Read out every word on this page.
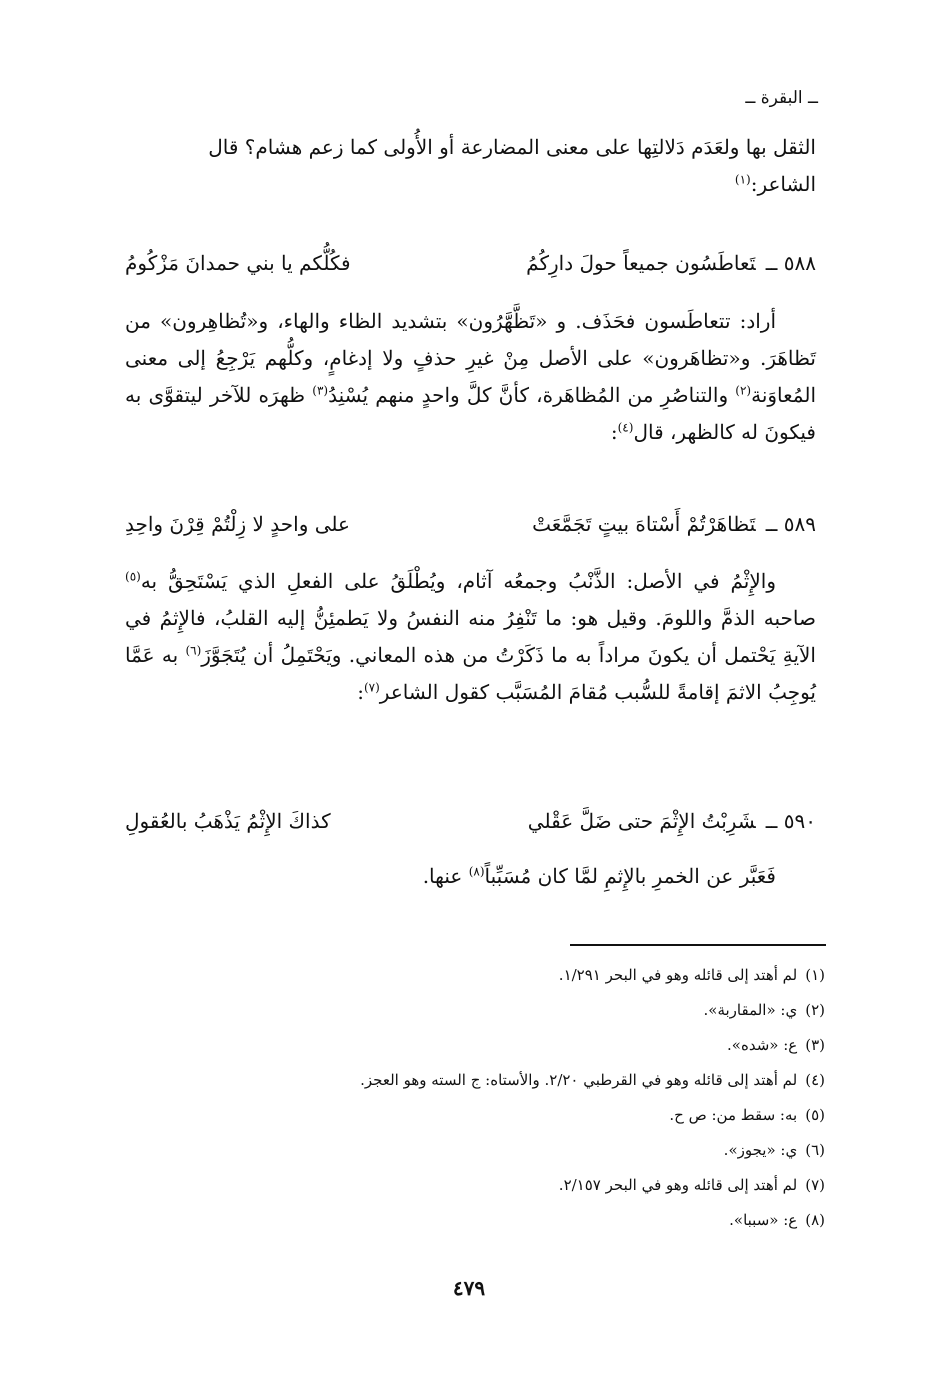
ــ البقرة ــ

الثقل بها ولعَدَم دَلالتِها على معنى المضارعة أو الأُولى كما زعم هشام؟ قال

الشاعر:$^{(١)}$

٥٨٨ ــتَعاطَسُون جميعاً حولَ دارِكُمُ
فكُلُّكم يا بني حمدانَ مَزْكُومُ

أراد: تتعاطَسون فحَذَف. و «تَظَّهَّرُون» بتشديد الظاء والهاء، و«تُظاهِرون» من تَظاهَرَ. و«تظاهَرون» على الأصل مِنْ غيرِ حذفٍ ولا إدغامٍ، وكلُّهم يَرْجِعُ إلى معنى المُعاوَنة$^{(٢)}$ والتناصُرِ من المُظاهَرة، كأنَّ كلَّ واحدٍ منهم يُسْنِدُ$^{(٣)}$ ظهرَه للآخر ليتقوَّى به فيكونَ له كالظهر، قال$^{(٤)}$:

٥٨٩ ــتَظاهَرْتُمْ أَسْتاهَ بيتٍ تَجَمَّعَتْ
على واحدٍ لا زِلْتُمْ قِرْنَ واحِدِ

والإِثْمُ في الأصل: الذَّنْبُ وجمعُه آثام، ويُطْلَقُ على الفعلِ الذي يَسْتَحِقُّ به$^{(٥)}$ صاحبه الذمَّ واللومَ. وقيل هو: ما تَنْفِرُ منه النفسُ ولا يَطمئِنُّ إليه القلبُ، فالإِثمُ في الآيةِ يَحْتمل أن يكونَ مراداً به ما ذَكَرْتُ من هذه المعاني. ويَحْتَمِلُ أن يُتَجَوَّزَ$^{(٦)}$ به عَمَّا يُوجِبُ الاثمَ إقامةً للسُّبب مُقامَ المُسَبَّب كقول الشاعر$^{(٧)}$:

٥٩٠ ــشَرِبْتُ الإِثْمَ حتى ضَلَّ عَقْلي
كذاكَ الإِثْمُ يَذْهَبُ بالعُقولِ

فَعَبَّر عن الخمرِ بالإِثمِ لمَّا كان مُسَبِّباً$^{(٨)}$ عنها.

(١)لم أهتد إلى قائله وهو في البحر ١/٢٩١.
(٢)ي: «المقاربة».
(٣)ع: «شده».
(٤)لم أهتد إلى قائله وهو في القرطبي ٢/٢٠. والأستاه: ج السته وهو العجز.
(٥)به: سقط من: ص ح.
(٦)ي: «يجوز».
(٧)لم أهتد إلى قائله وهو في البحر ٢/١٥٧.
(٨)ع: «سببا».
٤٧٩
